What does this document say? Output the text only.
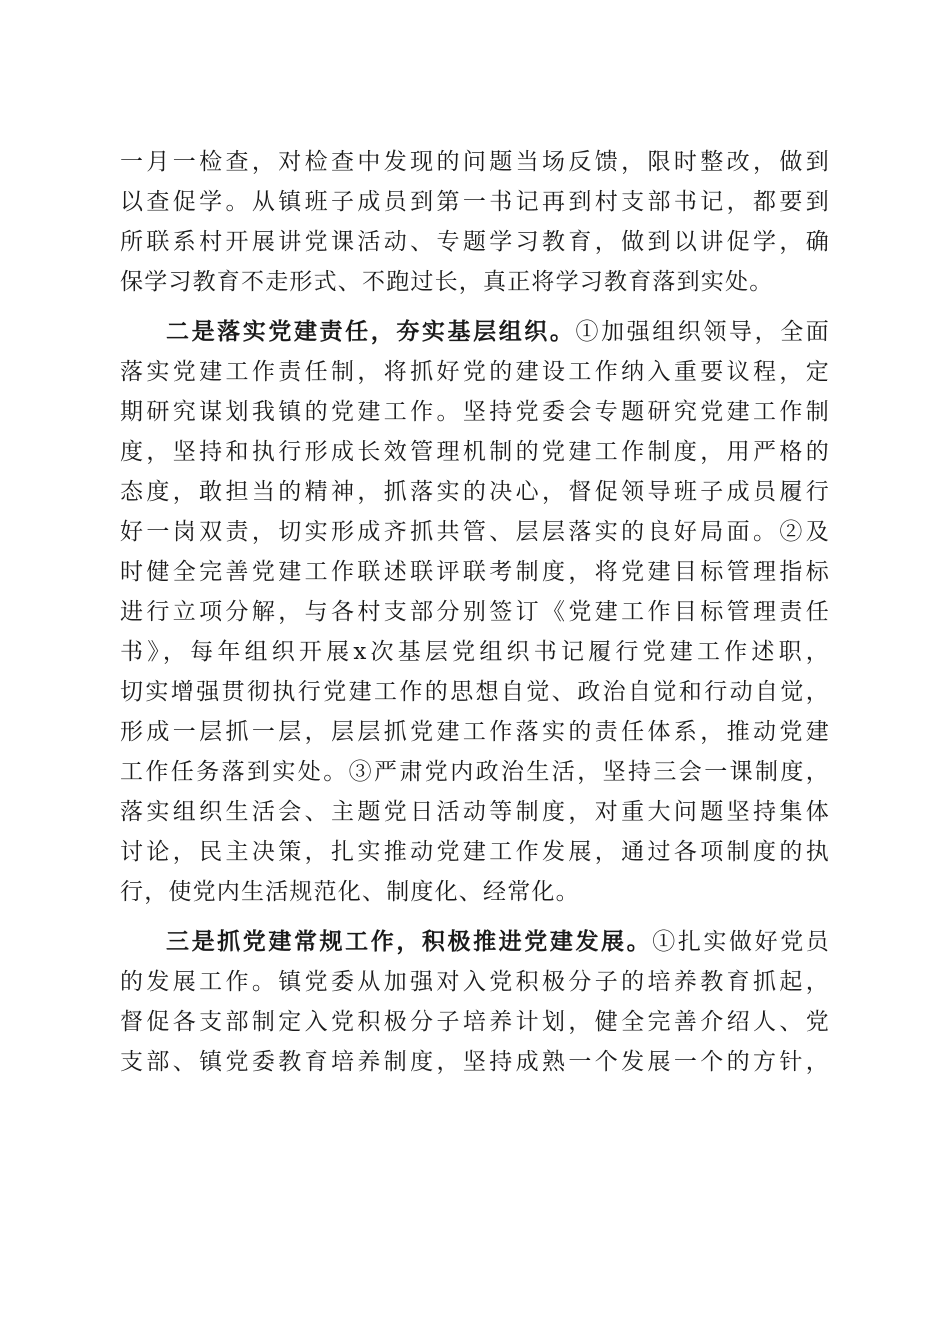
一月一检查，对检查中发现的问题当场反馈，限时整改，做到
以查促学。从镇班子成员到第一书记再到村支部书记，都要到
所联系村开展讲党课活动、专题学习教育，做到以讲促学，确
保学习教育不走形式、不跑过长，真正将学习教育落到实处。
二是落实党建责任，夯实基层组织。①加强组织领导，全面
落实党建工作责任制，将抓好党的建设工作纳入重要议程，定
期研究谋划我镇的党建工作。坚持党委会专题研究党建工作制
度，坚持和执行形成长效管理机制的党建工作制度，用严格的
态度，敢担当的精神，抓落实的决心，督促领导班子成员履行
好一岗双责，切实形成齐抓共管、层层落实的良好局面。②及
时健全完善党建工作联述联评联考制度，将党建目标管理指标
进行立项分解，与各村支部分别签订《党建工作目标管理责任
书》，每年组织开展x次基层党组织书记履行党建工作述职，
切实增强贯彻执行党建工作的思想自觉、政治自觉和行动自觉，
形成一层抓一层，层层抓党建工作落实的责任体系，推动党建
工作任务落到实处。③严肃党内政治生活，坚持三会一课制度，
落实组织生活会、主题党日活动等制度，对重大问题坚持集体
讨论，民主决策，扎实推动党建工作发展，通过各项制度的执
行，使党内生活规范化、制度化、经常化。
三是抓党建常规工作，积极推进党建发展。①扎实做好党员
的发展工作。镇党委从加强对入党积极分子的培养教育抓起，
督促各支部制定入党积极分子培养计划，健全完善介绍人、党
支部、镇党委教育培养制度，坚持成熟一个发展一个的方针，
